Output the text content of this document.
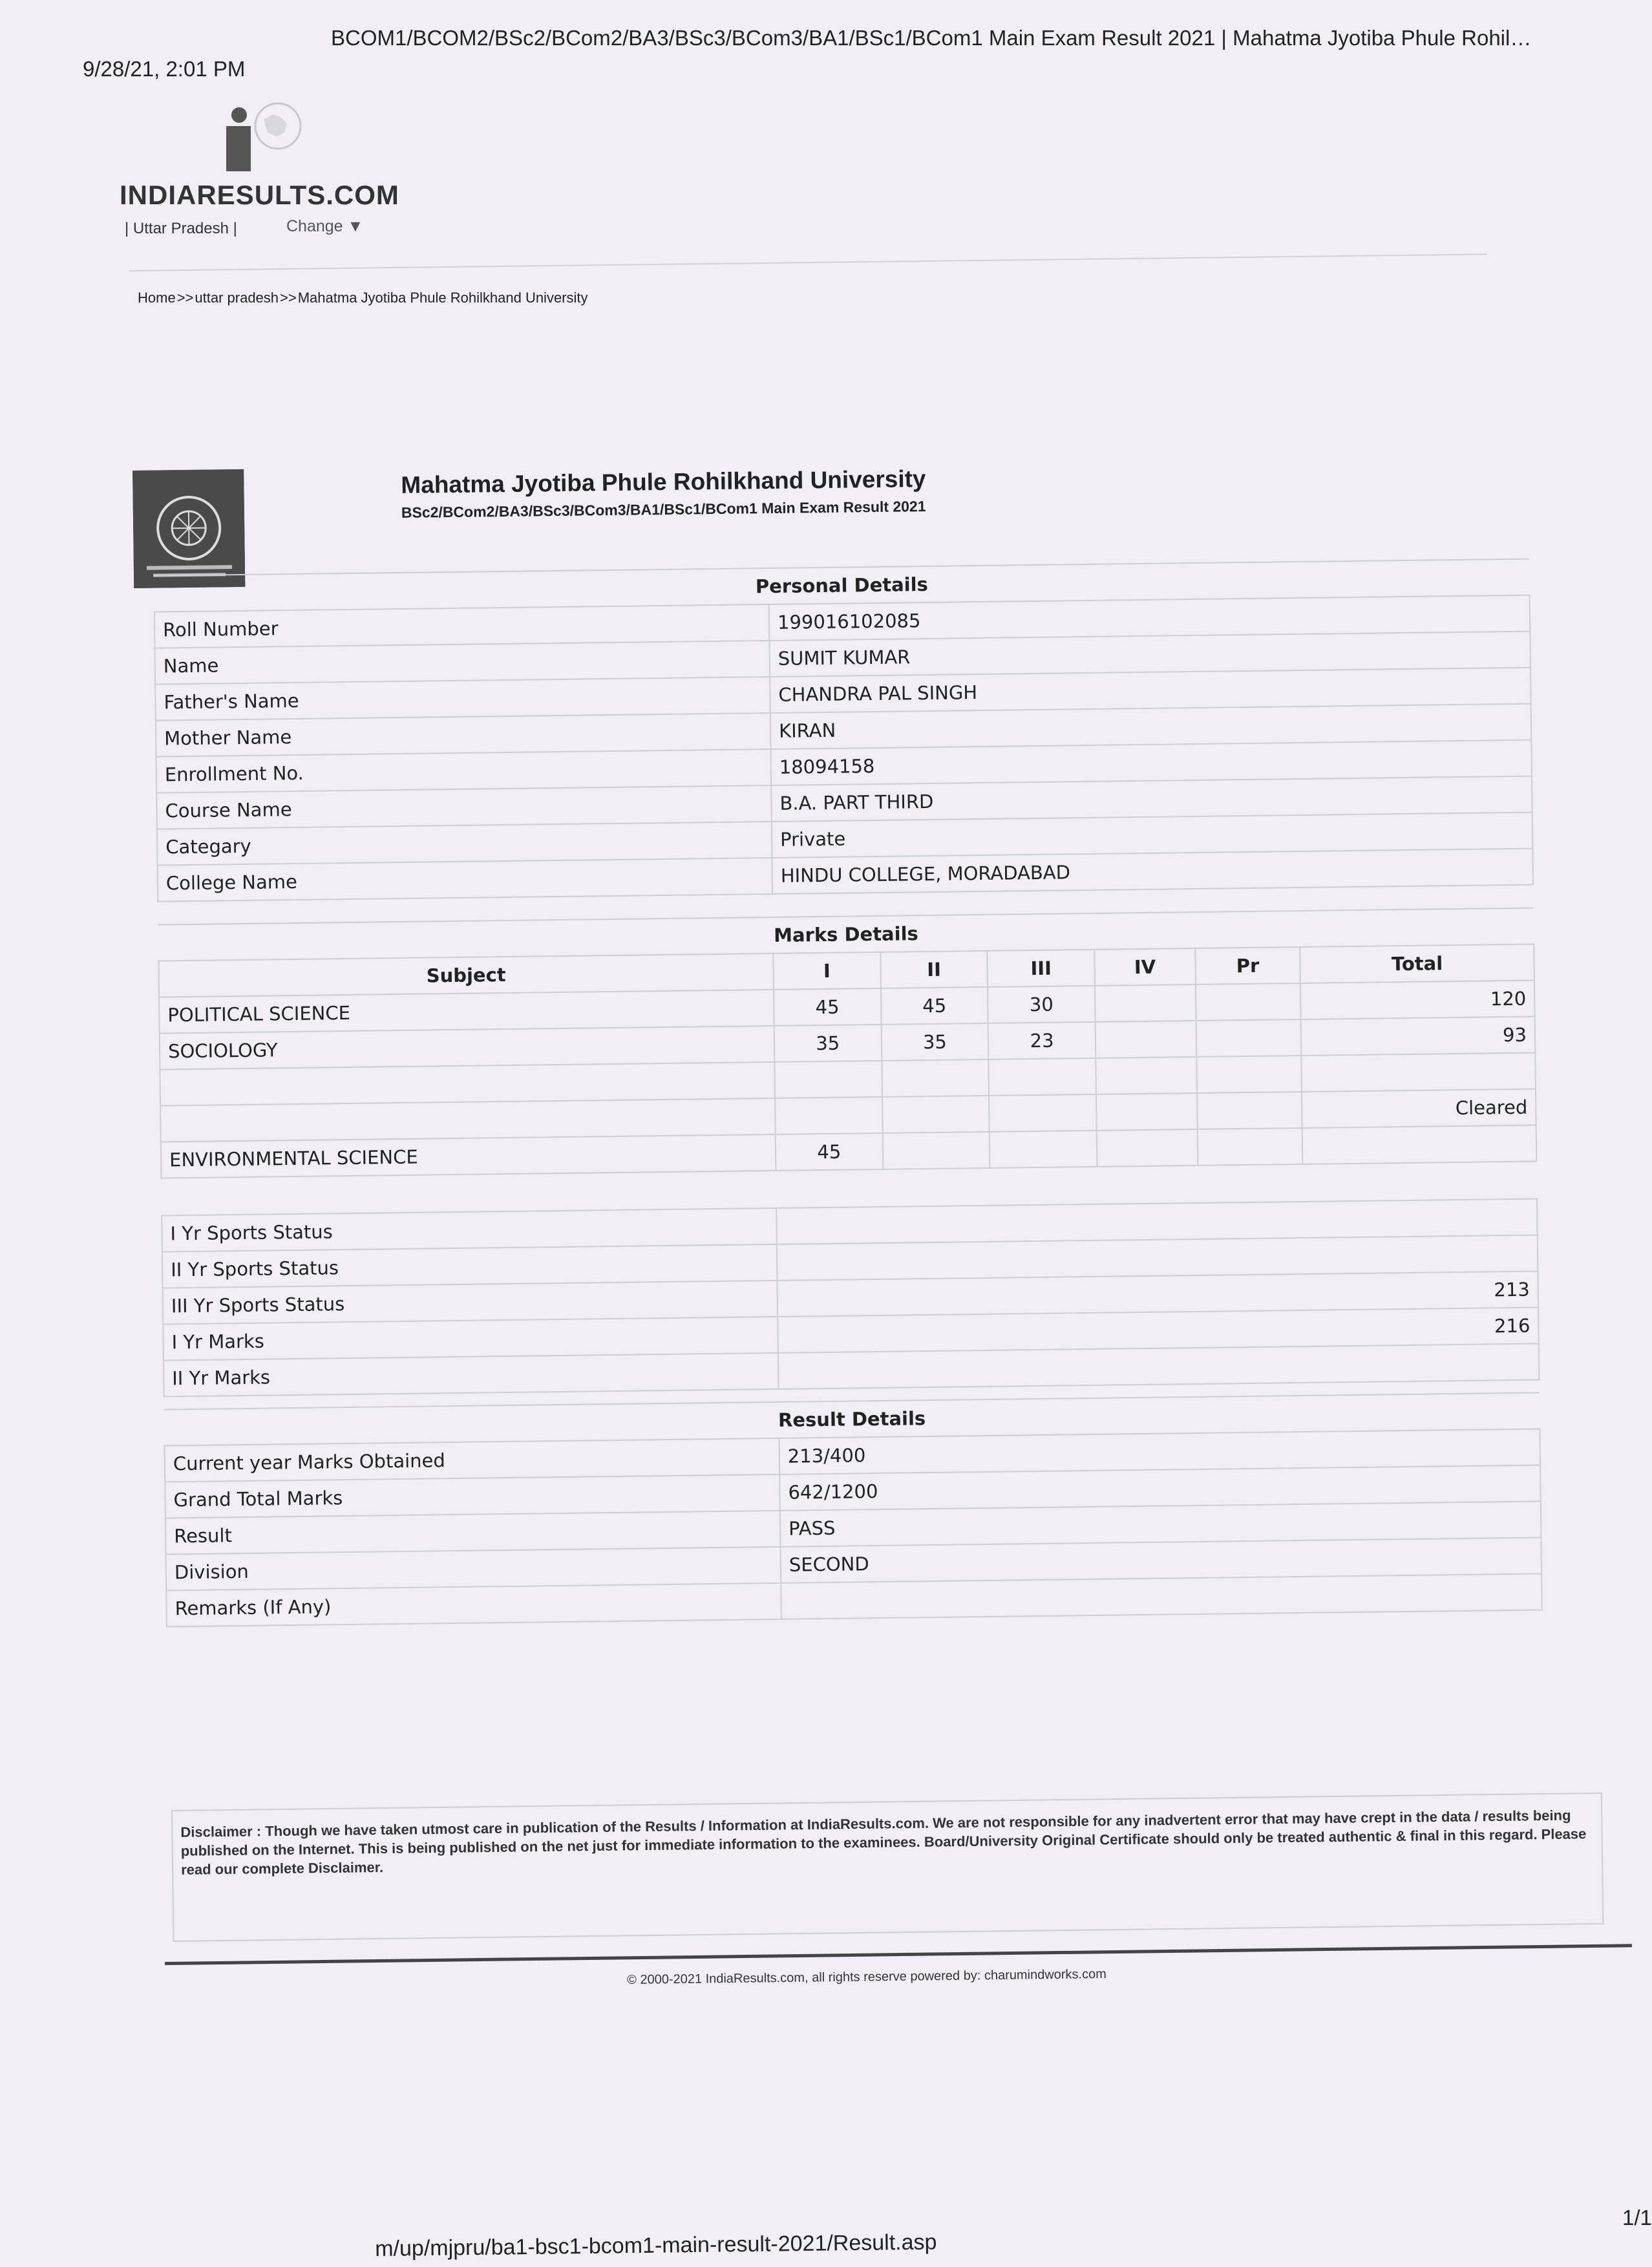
9/28/21, 2:01 PM
BCOM1/BCOM2/BSc2/BCom2/BA3/BSc3/BCom3/BA1/BSc1/BCom1 Main Exam Result 2021 | Mahatma Jyotiba Phule Rohil…
INDIARESULTS.COM
| Uttar Pradesh |	Change ▼
Home>>uttar pradesh>>Mahatma Jyotiba Phule Rohilkhand University
Mahatma Jyotiba Phule Rohilkhand University
BSc2/BCom2/BA3/BSc3/BCom3/BA1/BSc1/BCom1 Main Exam Result 2021
Personal Details	
Roll Number	199016102085
Name	SUMIT KUMAR
Father's Name	CHANDRA PAL SINGH
Mother Name	KIRAN
Enrollment No.	18094158
Course Name	B.A. PART THIRD
Categary	Private
College Name	HINDU COLLEGE, MORADABAD
Marks Details						
Subject	I	II	III	IV	Pr	Total
POLITICAL SCIENCE	45	45	30			120
SOCIOLOGY	35	35	23			93

						Cleared
ENVIRONMENTAL SCIENCE	45					
I Yr Sports Status	
II Yr Sports Status	
III Yr Sports Status	213
I Yr Marks	216
II Yr Marks	
Result Details	
Current year Marks Obtained	213/400
Grand Total Marks	642/1200
Result	PASS
Division	SECOND
Remarks (If Any)	
Disclaimer : Though we have taken utmost care in publication of the Results / Information at IndiaResults.com. We are not responsible for any inadvertent error that may have crept in the data / results being published on the Internet. This is being published on the net just for immediate information to the examinees. Board/University Original Certificate should only be treated authentic & final in this regard. Please read our complete Disclaimer.
© 2000-2021 IndiaResults.com, all rights reserve powered by: charumindworks.com
1/1
m/up/mjpru/ba1-bsc1-bcom1-main-result-2021/Result.asp
